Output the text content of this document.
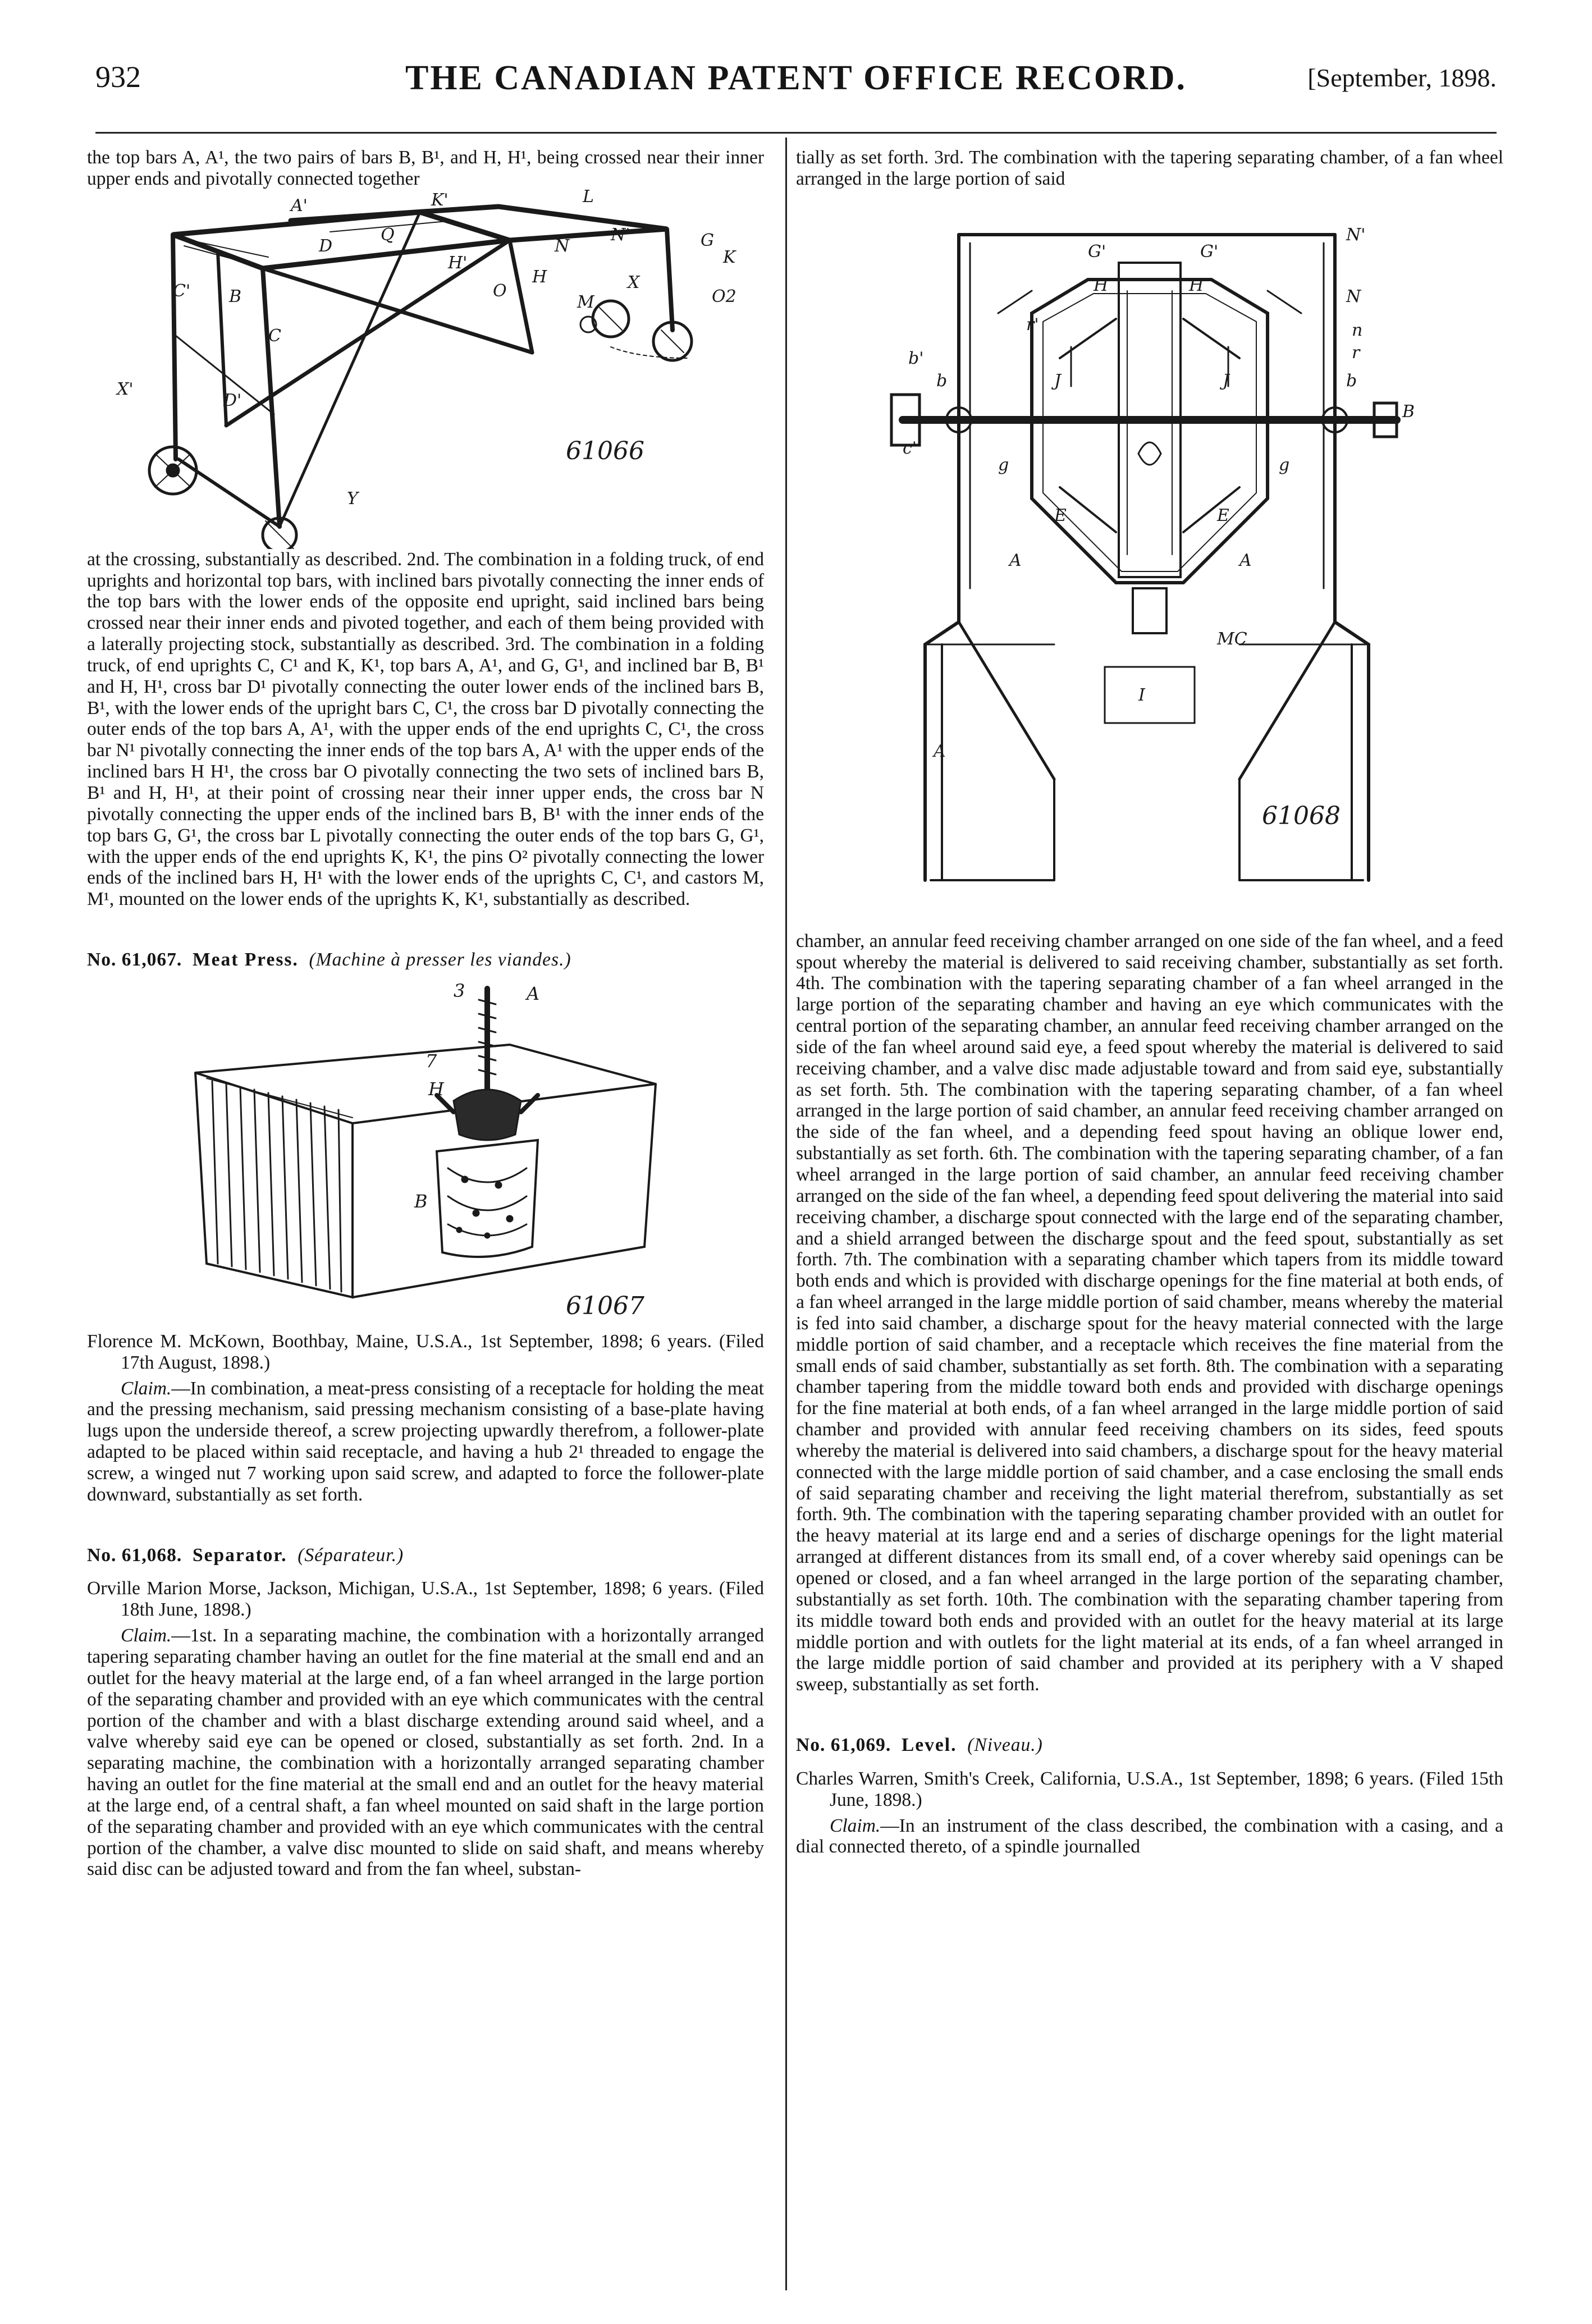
932	THE CANADIAN PATENT OFFICE RECORD.	[September, 1898.

the top bars A, A¹, the two pairs of bars B, B¹, and H, H¹, being crossed near their inner upper ends and pivotally connected together

A'	K'	L
D
Q	N'
N	G
K
C' B
H'
H	X
O
M	O2
C
X'
D'
Y
61066

at the crossing, substantially as described. 2nd. The combination in a folding truck, of end uprights and horizontal top bars, with inclined bars pivotally connecting the inner ends of the top bars with the lower ends of the opposite end upright, said inclined bars being crossed near their inner ends and pivoted together, and each of them being provided with a laterally projecting stock, substantially as described. 3rd. The combination in a folding truck, of end uprights C, C¹ and K, K¹, top bars A, A¹, and G, G¹, and inclined bar B, B¹ and H, H¹, cross bar D¹ pivotally connecting the outer lower ends of the inclined bars B, B¹, with the lower ends of the upright bars C, C¹, the cross bar D pivotally connecting the outer ends of the top bars A, A¹, with the upper ends of the end uprights C, C¹, the cross bar N¹ pivotally connecting the inner ends of the top bars A, A¹ with the upper ends of the inclined bars H H¹, the cross bar O pivotally connecting the two sets of inclined bars B, B¹ and H, H¹, at their point of crossing near their inner upper ends, the cross bar N pivotally connecting the upper ends of the inclined bars B, B¹ with the inner ends of the top bars G, G¹, the cross bar L pivotally connecting the outer ends of the top bars G, G¹, with the upper ends of the end uprights K, K¹, the pins O² pivotally connecting the lower ends of the inclined bars H, H¹ with the lower ends of the uprights C, C¹, and castors M, M¹, mounted on the lower ends of the uprights K, K¹, substantially as described.

No. 61,067. Meat Press. (Machine à presser les viandes.)

3	A
7
H
B
61067

Florence M. McKown, Boothbay, Maine, U.S.A., 1st September, 1898; 6 years. (Filed 17th August, 1898.)

Claim.—In combination, a meat-press consisting of a receptacle for holding the meat and the pressing mechanism, said pressing mechanism consisting of a base-plate having lugs upon the underside thereof, a screw projecting upwardly therefrom, a follower-plate adapted to be placed within said receptacle, and having a hub 2¹ threaded to engage the screw, a winged nut 7 working upon said screw, and adapted to force the follower-plate downward, substantially as set forth.

No. 61,068. Separator. (Séparateur.)

Orville Marion Morse, Jackson, Michigan, U.S.A., 1st September, 1898; 6 years. (Filed 18th June, 1898.)

Claim.—1st. In a separating machine, the combination with a horizontally arranged tapering separating chamber having an outlet for the fine material at the small end and an outlet for the heavy material at the large end, of a fan wheel arranged in the large portion of the separating chamber and provided with an eye which communicates with the central portion of the chamber and with a blast discharge extending around said wheel, and a valve whereby said eye can be opened or closed, substantially as set forth. 2nd. In a separating machine, the combination with a horizontally arranged separating chamber having an outlet for the fine material at the small end and an outlet for the heavy material at the large end, of a central shaft, a fan wheel mounted on said shaft in the large portion of the separating chamber and provided with an eye which communicates with the central portion of the chamber, a valve disc mounted to slide on said shaft, and means whereby said disc can be adjusted toward and from the fan wheel, substan-

tially as set forth. 3rd. The combination with the tapering separating chamber, of a fan wheel arranged in the large portion of said

G'	G'
N'
H	H
N
r'	n
r
b'
b	b
B
J	J
c'
g	g
E	E
A	A
MC
I
A
61068

chamber, an annular feed receiving chamber arranged on one side of the fan wheel, and a feed spout whereby the material is delivered to said receiving chamber, substantially as set forth. 4th. The combination with the tapering separating chamber of a fan wheel arranged in the large portion of the separating chamber and having an eye which communicates with the central portion of the separating chamber, an annular feed receiving chamber arranged on the side of the fan wheel around said eye, a feed spout whereby the material is delivered to said receiving chamber, and a valve disc made adjustable toward and from said eye, substantially as set forth. 5th. The combination with the tapering separating chamber, of a fan wheel arranged in the large portion of said chamber, an annular feed receiving chamber arranged on the side of the fan wheel, and a depending feed spout having an oblique lower end, substantially as set forth. 6th. The combination with the tapering separating chamber, of a fan wheel arranged in the large portion of said chamber, an annular feed receiving chamber arranged on the side of the fan wheel, a depending feed spout delivering the material into said receiving chamber, a discharge spout connected with the large end of the separating chamber, and a shield arranged between the discharge spout and the feed spout, substantially as set forth. 7th. The combination with a separating chamber which tapers from its middle toward both ends and which is provided with discharge openings for the fine material at both ends, of a fan wheel arranged in the large middle portion of said chamber, means whereby the material is fed into said chamber, a discharge spout for the heavy material connected with the large middle portion of said chamber, and a receptacle which receives the fine material from the small ends of said chamber, substantially as set forth. 8th. The combination with a separating chamber tapering from the middle toward both ends and provided with discharge openings for the fine material at both ends, of a fan wheel arranged in the large middle portion of said chamber and provided with annular feed receiving chambers on its sides, feed spouts whereby the material is delivered into said chambers, a discharge spout for the heavy material connected with the large middle portion of said chamber, and a case enclosing the small ends of said separating chamber and receiving the light material therefrom, substantially as set forth. 9th. The combination with the tapering separating chamber provided with an outlet for the heavy material at its large end and a series of discharge openings for the light material arranged at different distances from its small end, of a cover whereby said openings can be opened or closed, and a fan wheel arranged in the large portion of the separating chamber, substantially as set forth. 10th. The combination with the separating chamber tapering from its middle toward both ends and provided with an outlet for the heavy material at its large middle portion and with outlets for the light material at its ends, of a fan wheel arranged in the large middle portion of said chamber and provided at its periphery with a V shaped sweep, substantially as set forth.

No. 61,069. Level. (Niveau.)

Charles Warren, Smith's Creek, California, U.S.A., 1st September, 1898; 6 years. (Filed 15th June, 1898.)

Claim.—In an instrument of the class described, the combination with a casing, and a dial connected thereto, of a spindle journalled
